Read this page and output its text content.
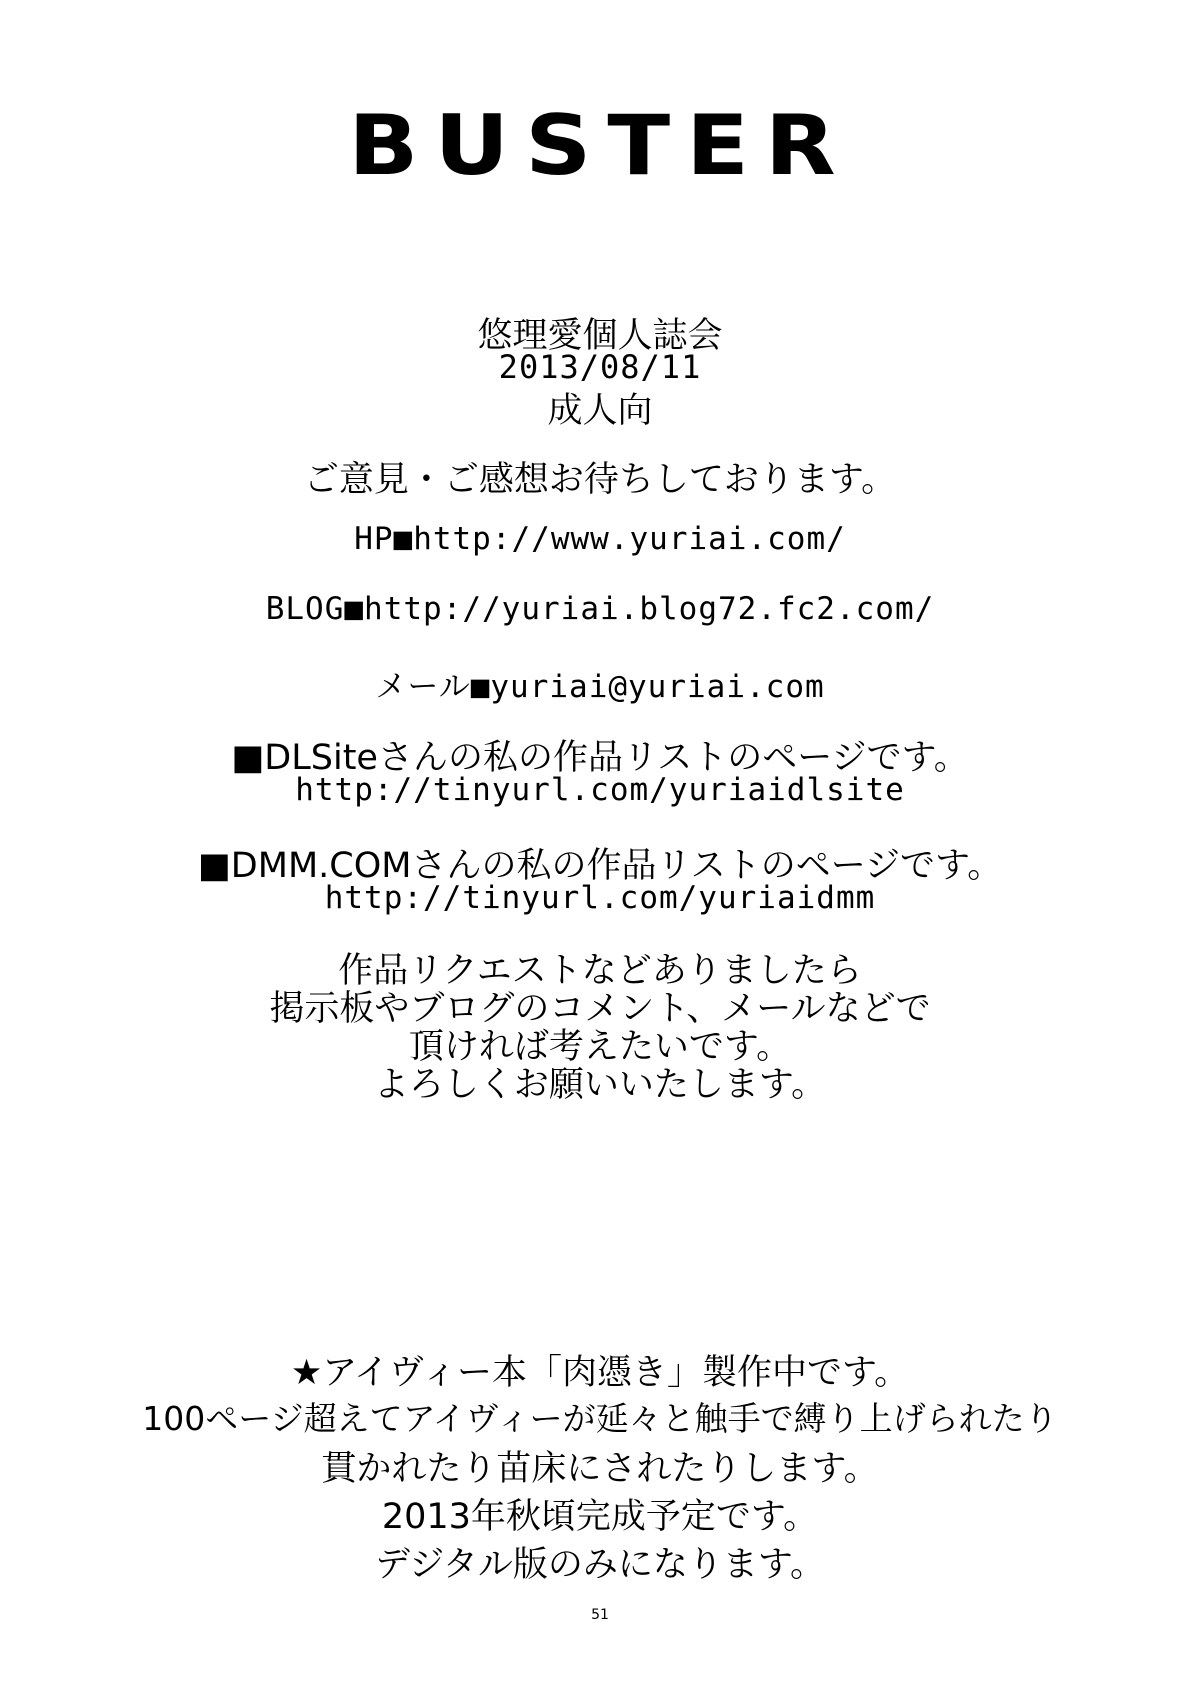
BUSTER
悠理愛個人誌会
2013/08/11
成人向
ご意見・ご感想お待ちしております。
HP■http://www.yuriai.com/
BLOG■http://yuriai.blog72.fc2.com/
メール■yuriai@yuriai.com
■DLSiteさんの私の作品リストのページです。
http://tinyurl.com/yuriaidlsite
■DMM.COMさんの私の作品リストのページです。
http://tinyurl.com/yuriaidmm
作品リクエストなどありましたら
掲示板やブログのコメント、メールなどで
頂ければ考えたいです。
よろしくお願いいたします。
★アイヴィー本「肉憑き」製作中です。
100ページ超えてアイヴィーが延々と触手で縛り上げられたり
貫かれたり苗床にされたりします。
2013年秋頃完成予定です。
デジタル版のみになります。
51
